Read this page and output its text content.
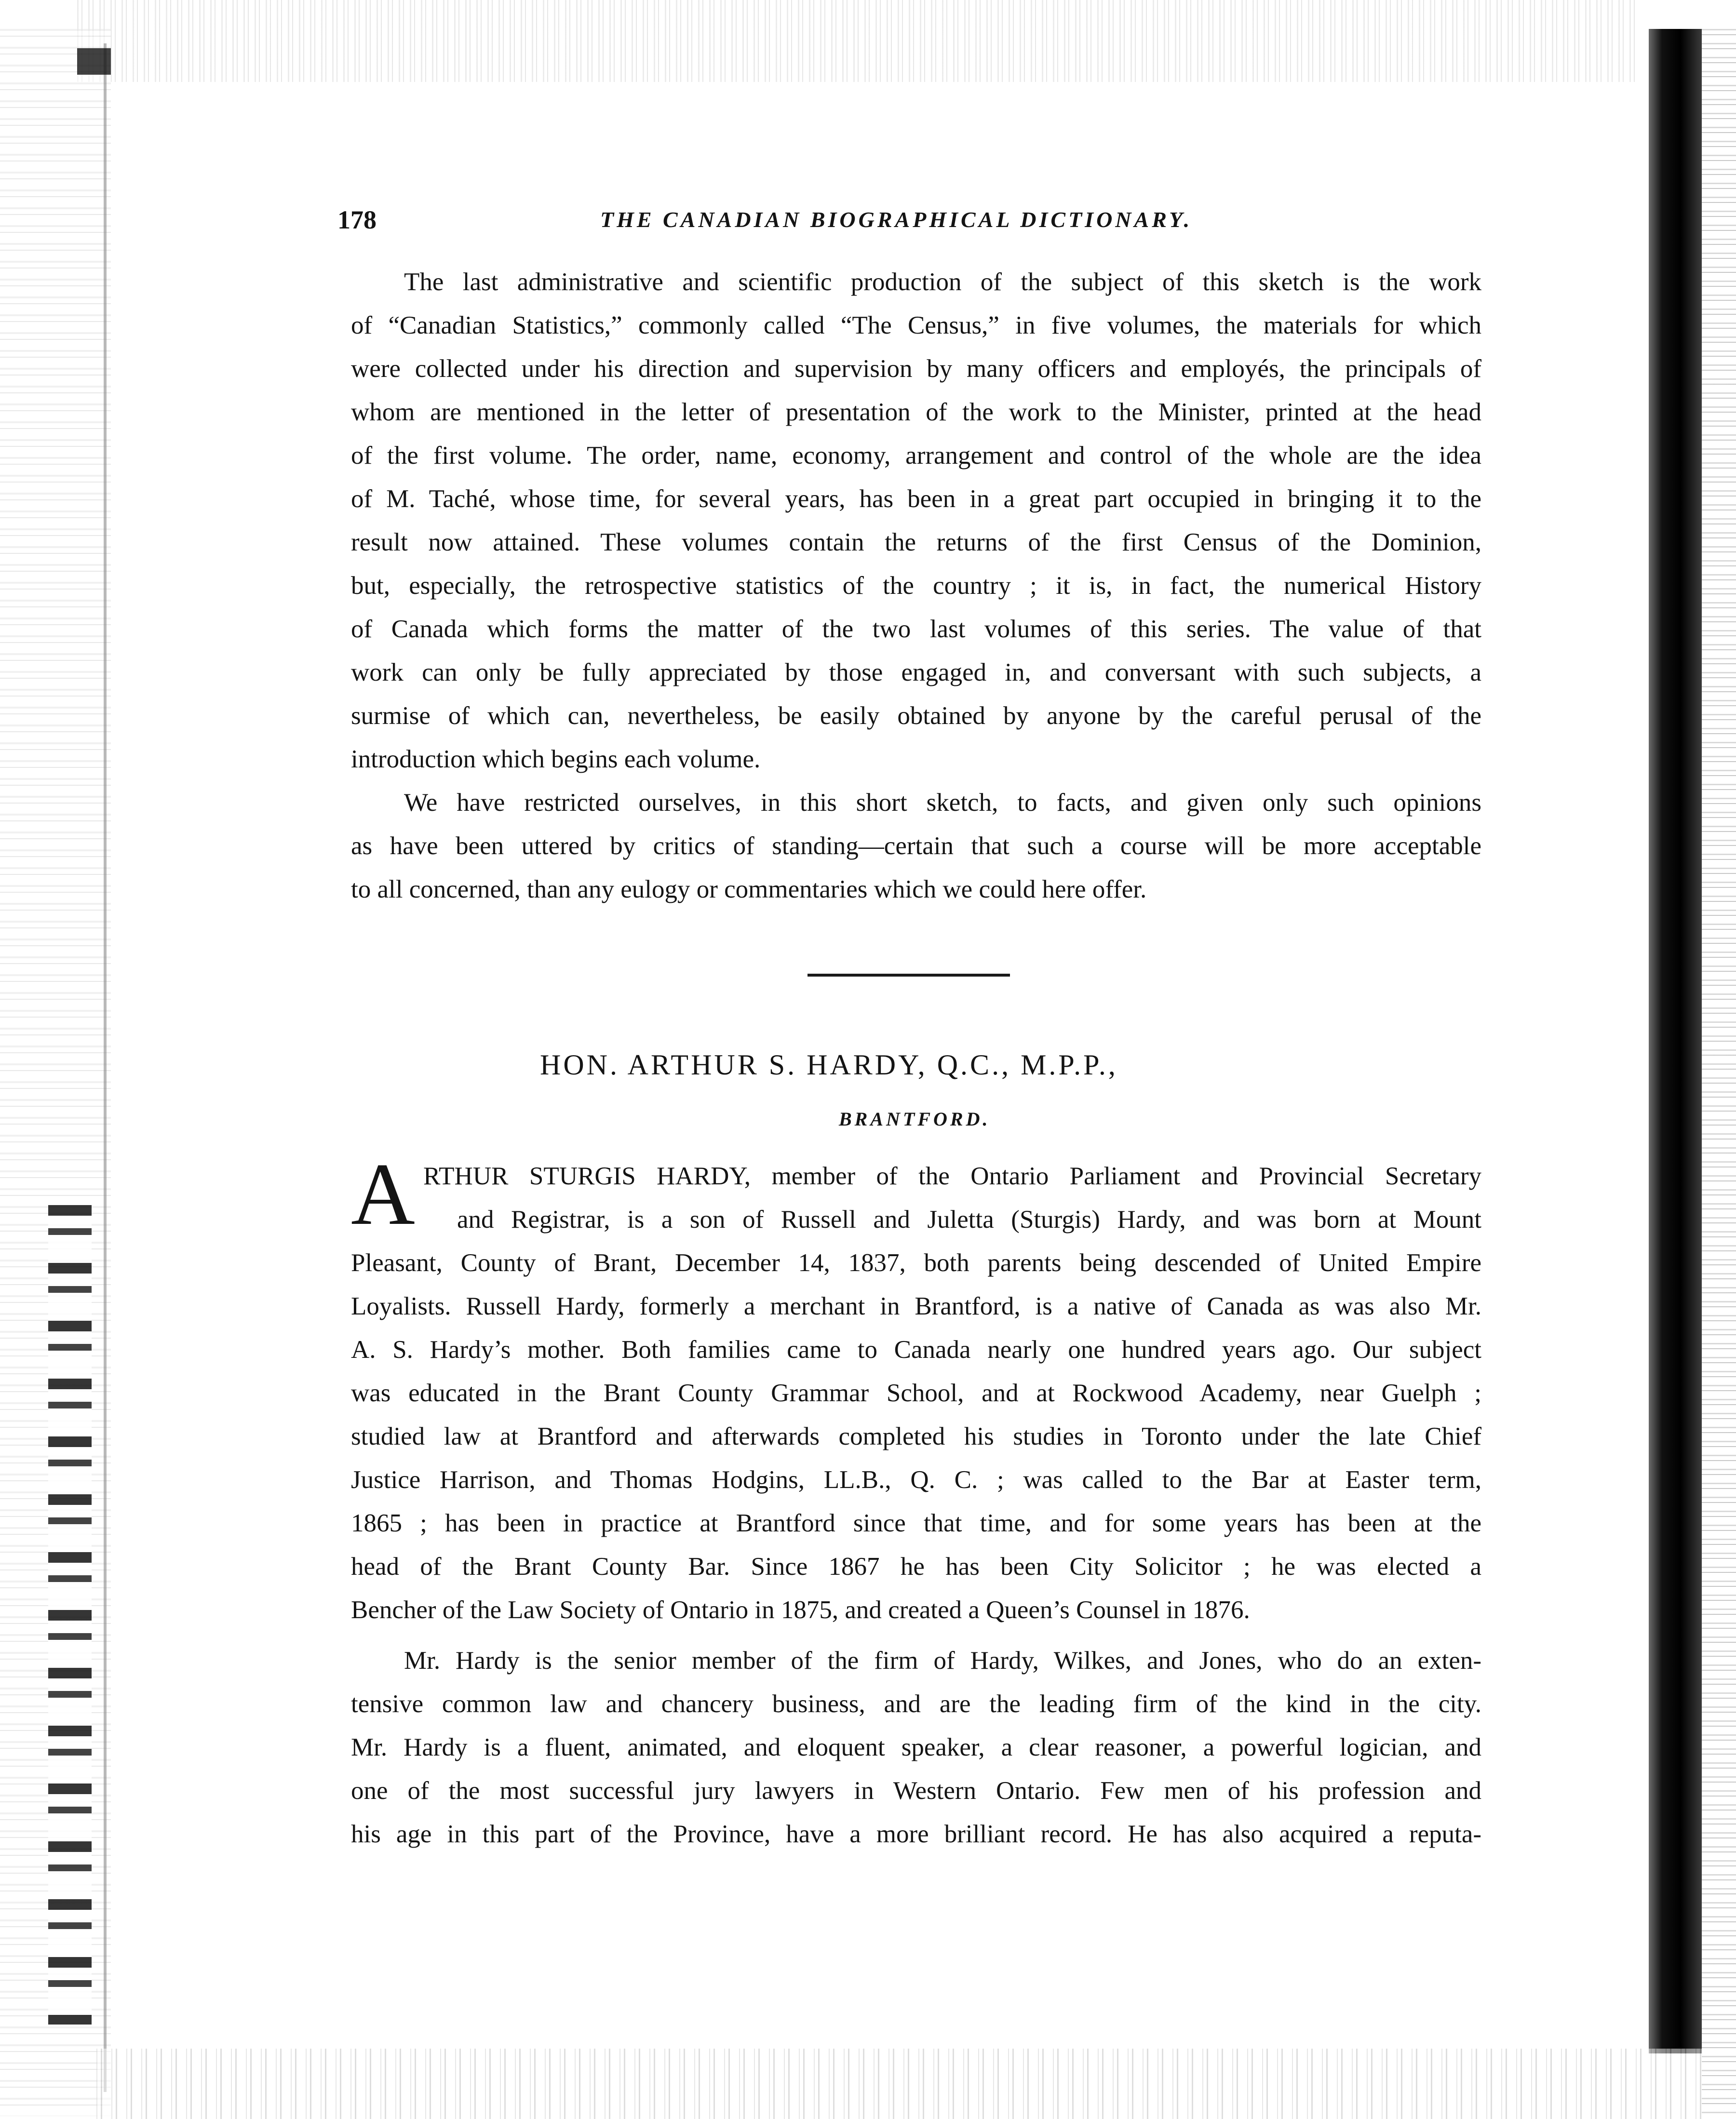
178	THE CANADIAN BIOGRAPHICAL DICTIONARY.
The last administrative and scientific production of the subject of this sketch is the work
of “Canadian Statistics,” commonly called “The Census,” in five volumes, the materials for which
were collected under his direction and supervision by many officers and employés, the principals of
whom are mentioned in the letter of presentation of the work to the Minister, printed at the head
of the first volume. The order, name, economy, arrangement and control of the whole are the idea
of M. Taché, whose time, for several years, has been in a great part occupied in bringing it to the
result now attained. These volumes contain the returns of the first Census of the Dominion,
but, especially, the retrospective statistics of the country ; it is, in fact, the numerical History
of Canada which forms the matter of the two last volumes of this series. The value of that
work can only be fully appreciated by those engaged in, and conversant with such subjects, a
surmise of which can, nevertheless, be easily obtained by anyone by the careful perusal of the
introduction which begins each volume.
We have restricted ourselves, in this short sketch, to facts, and given only such opinions
as have been uttered by critics of standing—certain that such a course will be more acceptable
to all concerned, than any eulogy or commentaries which we could here offer.
HON. ARTHUR S. HARDY, Q.C., M.P.P.,
BRANTFORD.
A RTHUR STURGIS HARDY, member of the Ontario Parliament and Provincial Secretary
and Registrar, is a son of Russell and Juletta (Sturgis) Hardy, and was born at Mount
Pleasant, County of Brant, December 14, 1837, both parents being descended of United Empire
Loyalists. Russell Hardy, formerly a merchant in Brantford, is a native of Canada as was also Mr.
A. S. Hardy’s mother. Both families came to Canada nearly one hundred years ago. Our subject
was educated in the Brant County Grammar School, and at Rockwood Academy, near Guelph ;
studied law at Brantford and afterwards completed his studies in Toronto under the late Chief
Justice Harrison, and Thomas Hodgins, LL.B., Q. C. ; was called to the Bar at Easter term,
1865 ; has been in practice at Brantford since that time, and for some years has been at the
head of the Brant County Bar. Since 1867 he has been City Solicitor ; he was elected a
Bencher of the Law Society of Ontario in 1875, and created a Queen’s Counsel in 1876.
Mr. Hardy is the senior member of the firm of Hardy, Wilkes, and Jones, who do an exten-
tensive common law and chancery business, and are the leading firm of the kind in the city.
Mr. Hardy is a fluent, animated, and eloquent speaker, a clear reasoner, a powerful logician, and
one of the most successful jury lawyers in Western Ontario. Few men of his profession and
his age in this part of the Province, have a more brilliant record. He has also acquired a reputa-
